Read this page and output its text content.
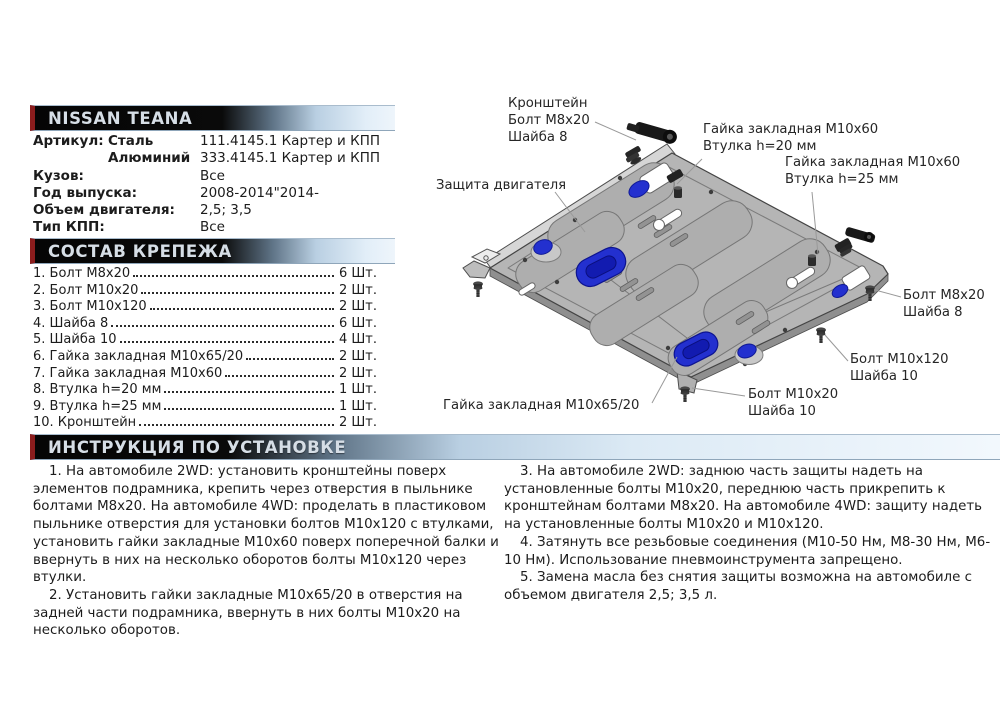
NISSAN TEANA
Артикул: Сталь	111.4145.1 Картер и КПП
Алюминий 333.4145.1 Картер и КПП
Кузов:	Все
Год выпуска:	2008-2014"2014-
Объем двигателя: 2,5; 3,5
Тип КПП:	Все
СОСТАВ КРЕПЕЖА
1. Болт М8х20	6 Шт.
2. Болт М10х20	2 Шт.
3. Болт М10х120	2 Шт.
4. Шайба 8	6 Шт.
5. Шайба 10	4 Шт.
6. Гайка закладная М10х65/20	2 Шт.
7. Гайка закладная М10х60	2 Шт.
8. Втулка h=20 мм	1 Шт.
9. Втулка h=25 мм	1 Шт.
10. Кронштейн	2 Шт.
ИНСТРУКЦИЯ ПО УСТАНОВКЕ

1. На автомобиле 2WD: установить кронштейны поверх элементов подрамника, крепить через отверстия в пыльнике болтами М8х20. На автомобиле 4WD: проделать в пластиковом пыльнике отверстия для установки болтов М10х120 с втулками, установить гайки закладные М10х60 поверх поперечной балки и ввернуть в них на несколько оборотов болты М10х120 через втулки.

2. Установить гайки закладные М10х65/20 в отверстия на задней части подрамника, ввернуть в них болты М10х20 на несколько оборотов.

3. На автомобиле 2WD: заднюю часть защиты надеть на установленные болты М10х20, переднюю часть прикрепить к кронштейнам болтами М8х20. На автомобиле 4WD: защиту надеть на установленные болты М10х20 и М10х120.

4. Затянуть все резьбовые соединения (М10-50 Нм, М8-30 Нм, М6-10 Нм). Использование пневмоинструмента запрещено.

5. Замена масла без снятия защиты возможна на автомобиле с объемом двигателя 2,5; 3,5 л.

Кронштейн
Болт М8х20
Шайба 8
Гайка закладная М10х60
Втулка h=20 мм
Гайка закладная М10х60
Втулка h=25 мм
Защита двигателя
Болт М8х20
Шайба 8
Болт М10х120
Шайба 10
Болт М10х20
Шайба 10
Гайка закладная М10х65/20
